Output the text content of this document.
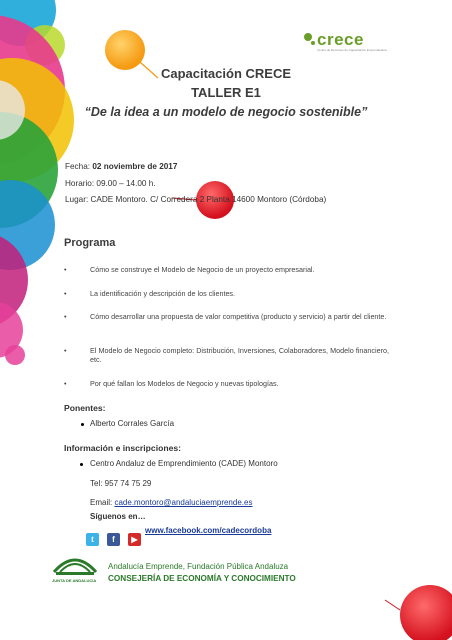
crece
Centro de Recursos de Capacitación Emprendedora
Capacitación CRECE
TALLER E1
“De la idea a un modelo de negocio sostenible”
Fecha: 02 noviembre de 2017
Horario: 09.00 – 14.00 h.
Lugar: CADE Montoro. C/ Corredera 2 Planta 14600 Montoro (Córdoba)
Programa
•	Cómo se construye el Modelo de Negocio de un proyecto empresarial.
•	La identificación y descripción de los clientes.
•	Cómo desarrollar una propuesta de valor competitiva (producto y servicio) a partir del cliente.
•	El Modelo de Negocio completo: Distribución, Inversiones, Colaboradores, Modelo financiero, etc.
•	Por qué fallan los Modelos de Negocio y nuevas tipologías.
Ponentes:
Alberto Corrales García
Información e inscripciones:
Centro Andaluz de Emprendimiento (CADE) Montoro
Tel: 957 74 75 29
Email: cade.montoro@andaluciaemprende.es
Síguenos en…
www.facebook.com/cadecordoba
t	f	▶
JUNTA DE ANDALUCIA
Andalucía Emprende, Fundación Pública Andaluza
CONSEJERÍA DE ECONOMÍA Y CONOCIMIENTO
